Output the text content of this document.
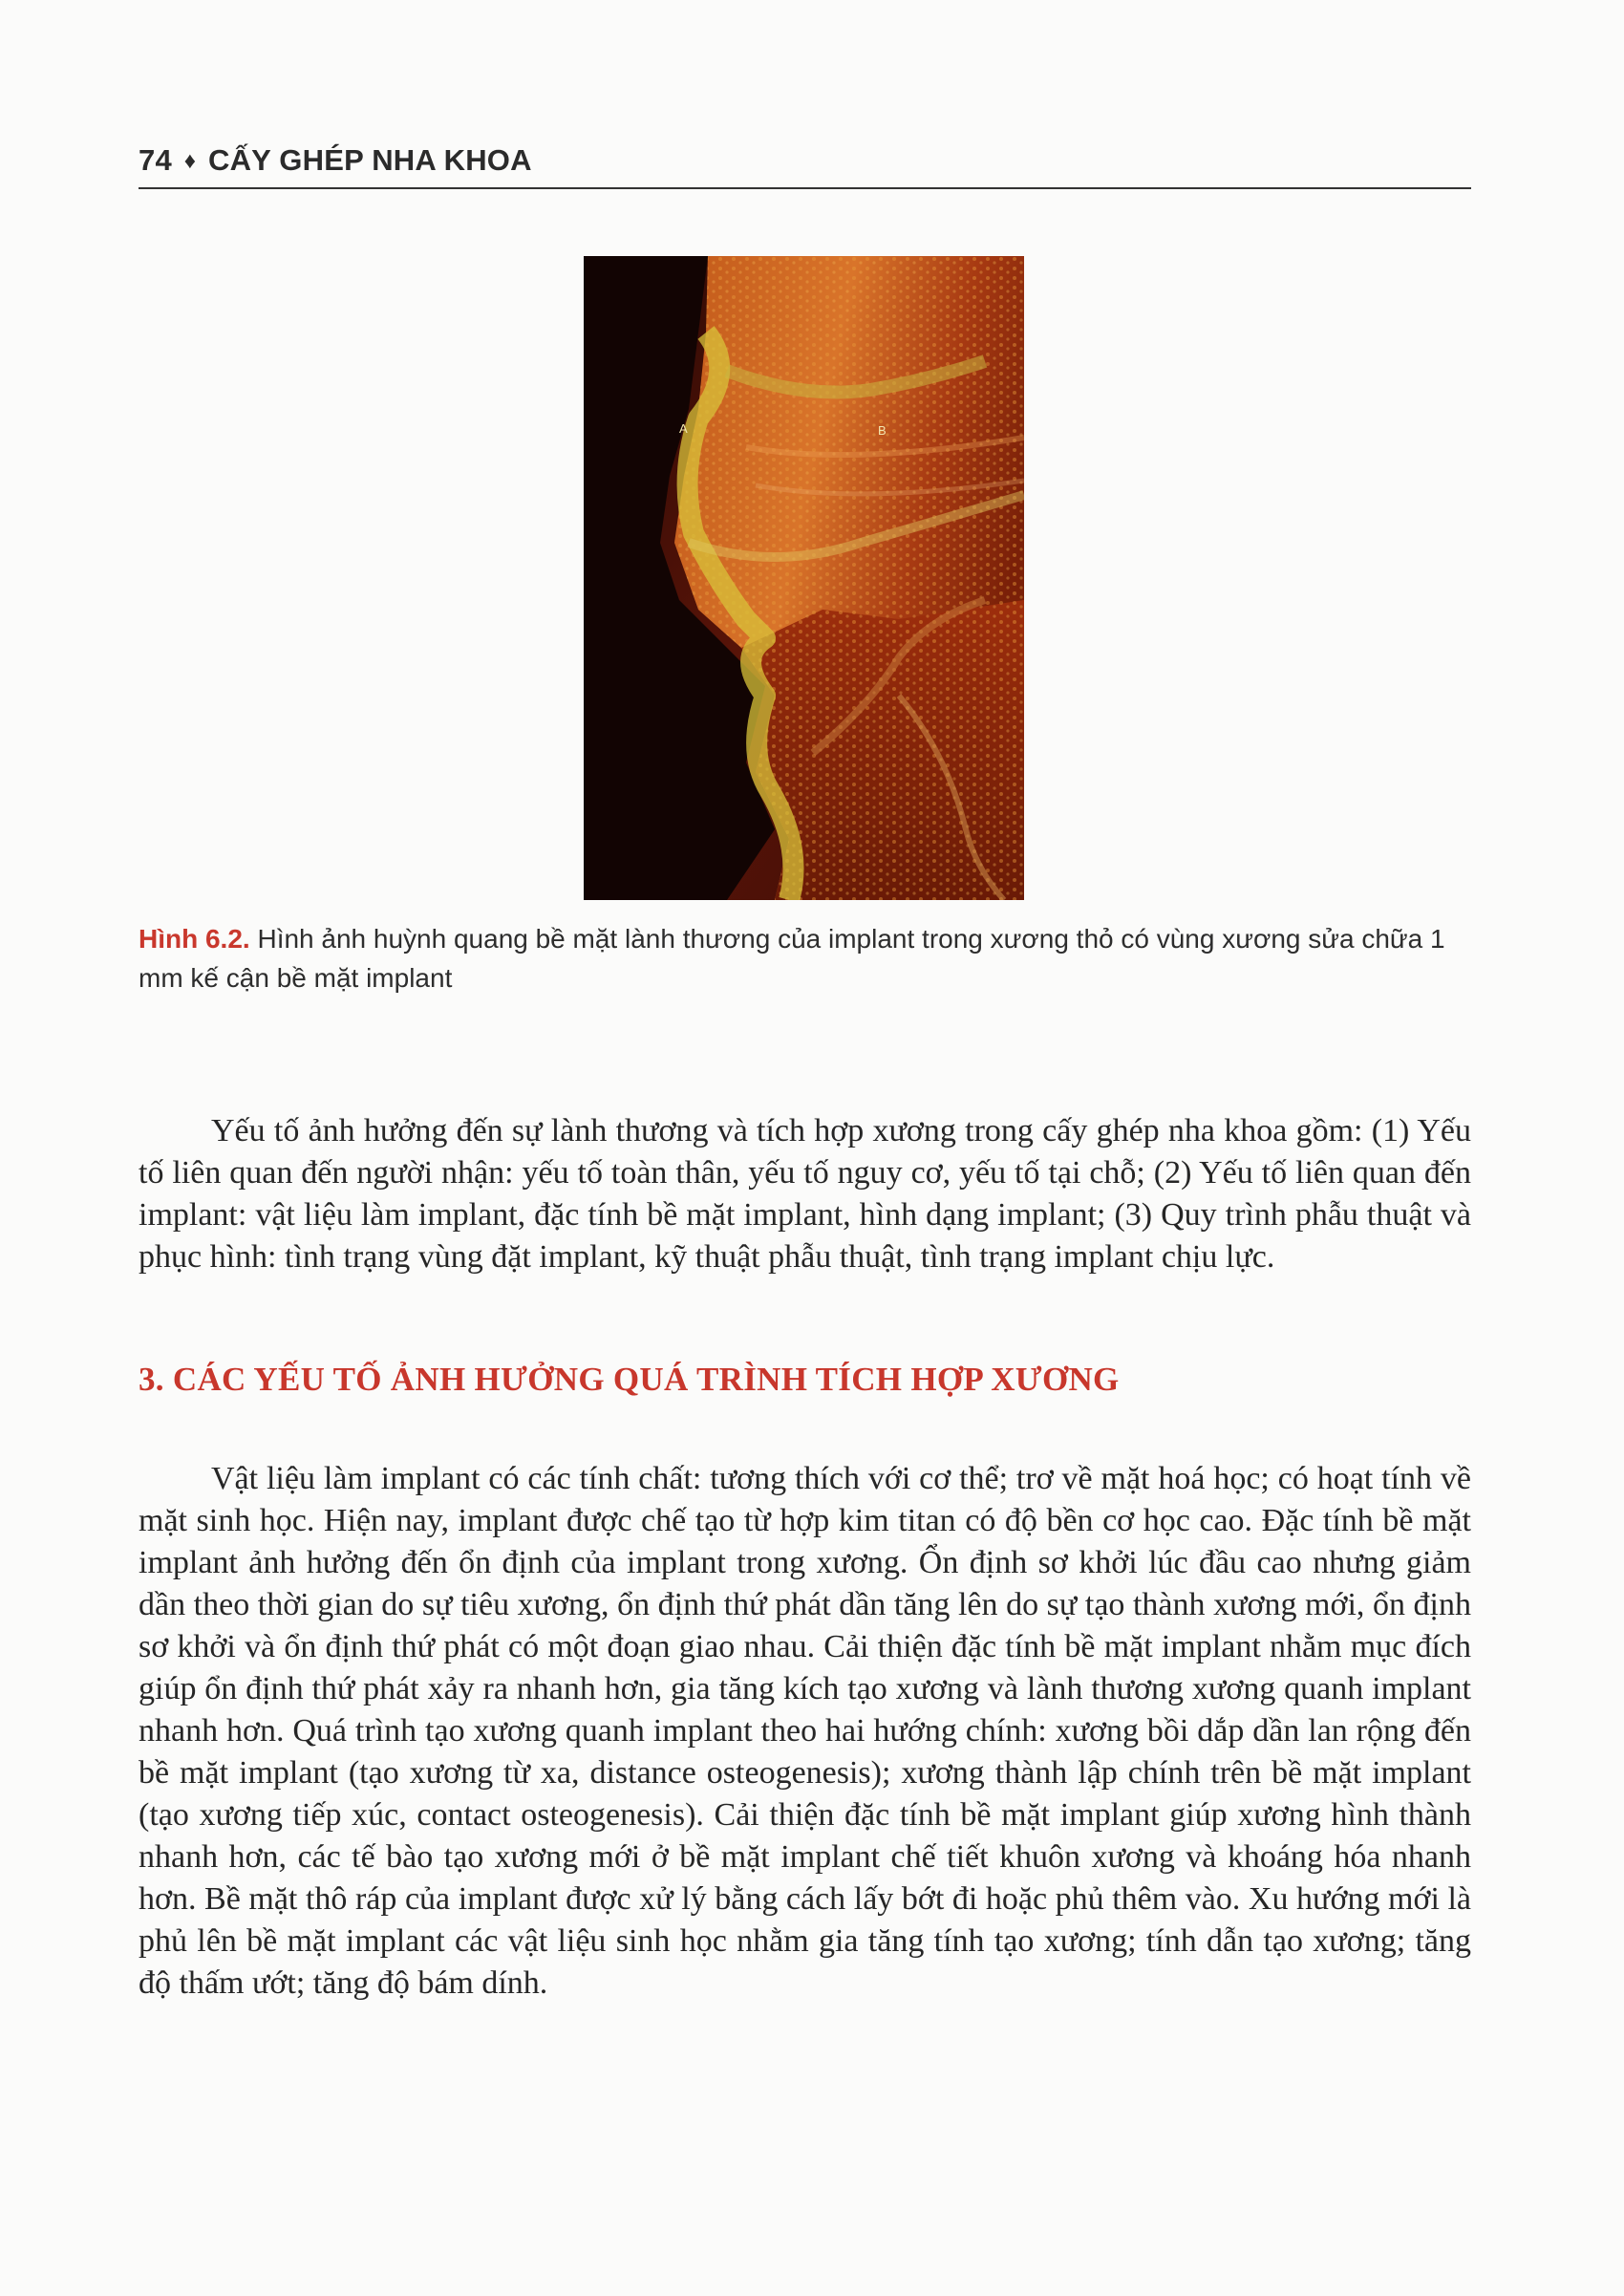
74 ♦ CẤY GHÉP NHA KHOA
A	B
Hình 6.2. Hình ảnh huỳnh quang bề mặt lành thương của implant trong xương thỏ có vùng xương sửa chữa 1 mm kế cận bề mặt implant

Yếu tố ảnh hưởng đến sự lành thương và tích hợp xương trong cấy ghép nha khoa gồm: (1) Yếu tố liên quan đến người nhận: yếu tố toàn thân, yếu tố nguy cơ, yếu tố tại chỗ; (2) Yếu tố liên quan đến implant: vật liệu làm implant, đặc tính bề mặt implant, hình dạng implant; (3) Quy trình phẫu thuật và phục hình: tình trạng vùng đặt implant, kỹ thuật phẫu thuật, tình trạng implant chịu lực.

3. CÁC YẾU TỐ ẢNH HƯỞNG QUÁ TRÌNH TÍCH HỢP XƯƠNG

Vật liệu làm implant có các tính chất: tương thích với cơ thể; trơ về mặt hoá học; có hoạt tính về mặt sinh học. Hiện nay, implant được chế tạo từ hợp kim titan có độ bền cơ học cao. Đặc tính bề mặt implant ảnh hưởng đến ổn định của implant trong xương. Ổn định sơ khởi lúc đầu cao nhưng giảm dần theo thời gian do sự tiêu xương, ổn định thứ phát dần tăng lên do sự tạo thành xương mới, ổn định sơ khởi và ổn định thứ phát có một đoạn giao nhau. Cải thiện đặc tính bề mặt implant nhằm mục đích giúp ổn định thứ phát xảy ra nhanh hơn, gia tăng kích tạo xương và lành thương xương quanh implant nhanh hơn. Quá trình tạo xương quanh implant theo hai hướng chính: xương bồi dắp dần lan rộng đến bề mặt implant (tạo xương từ xa, distance osteogenesis); xương thành lập chính trên bề mặt implant (tạo xương tiếp xúc, contact osteogenesis). Cải thiện đặc tính bề mặt implant giúp xương hình thành nhanh hơn, các tế bào tạo xương mới ở bề mặt implant chế tiết khuôn xương và khoáng hóa nhanh hơn. Bề mặt thô ráp của implant được xử lý bằng cách lấy bớt đi hoặc phủ thêm vào. Xu hướng mới là phủ lên bề mặt implant các vật liệu sinh học nhằm gia tăng tính tạo xương; tính dẫn tạo xương; tăng độ thấm ướt; tăng độ bám dính.
